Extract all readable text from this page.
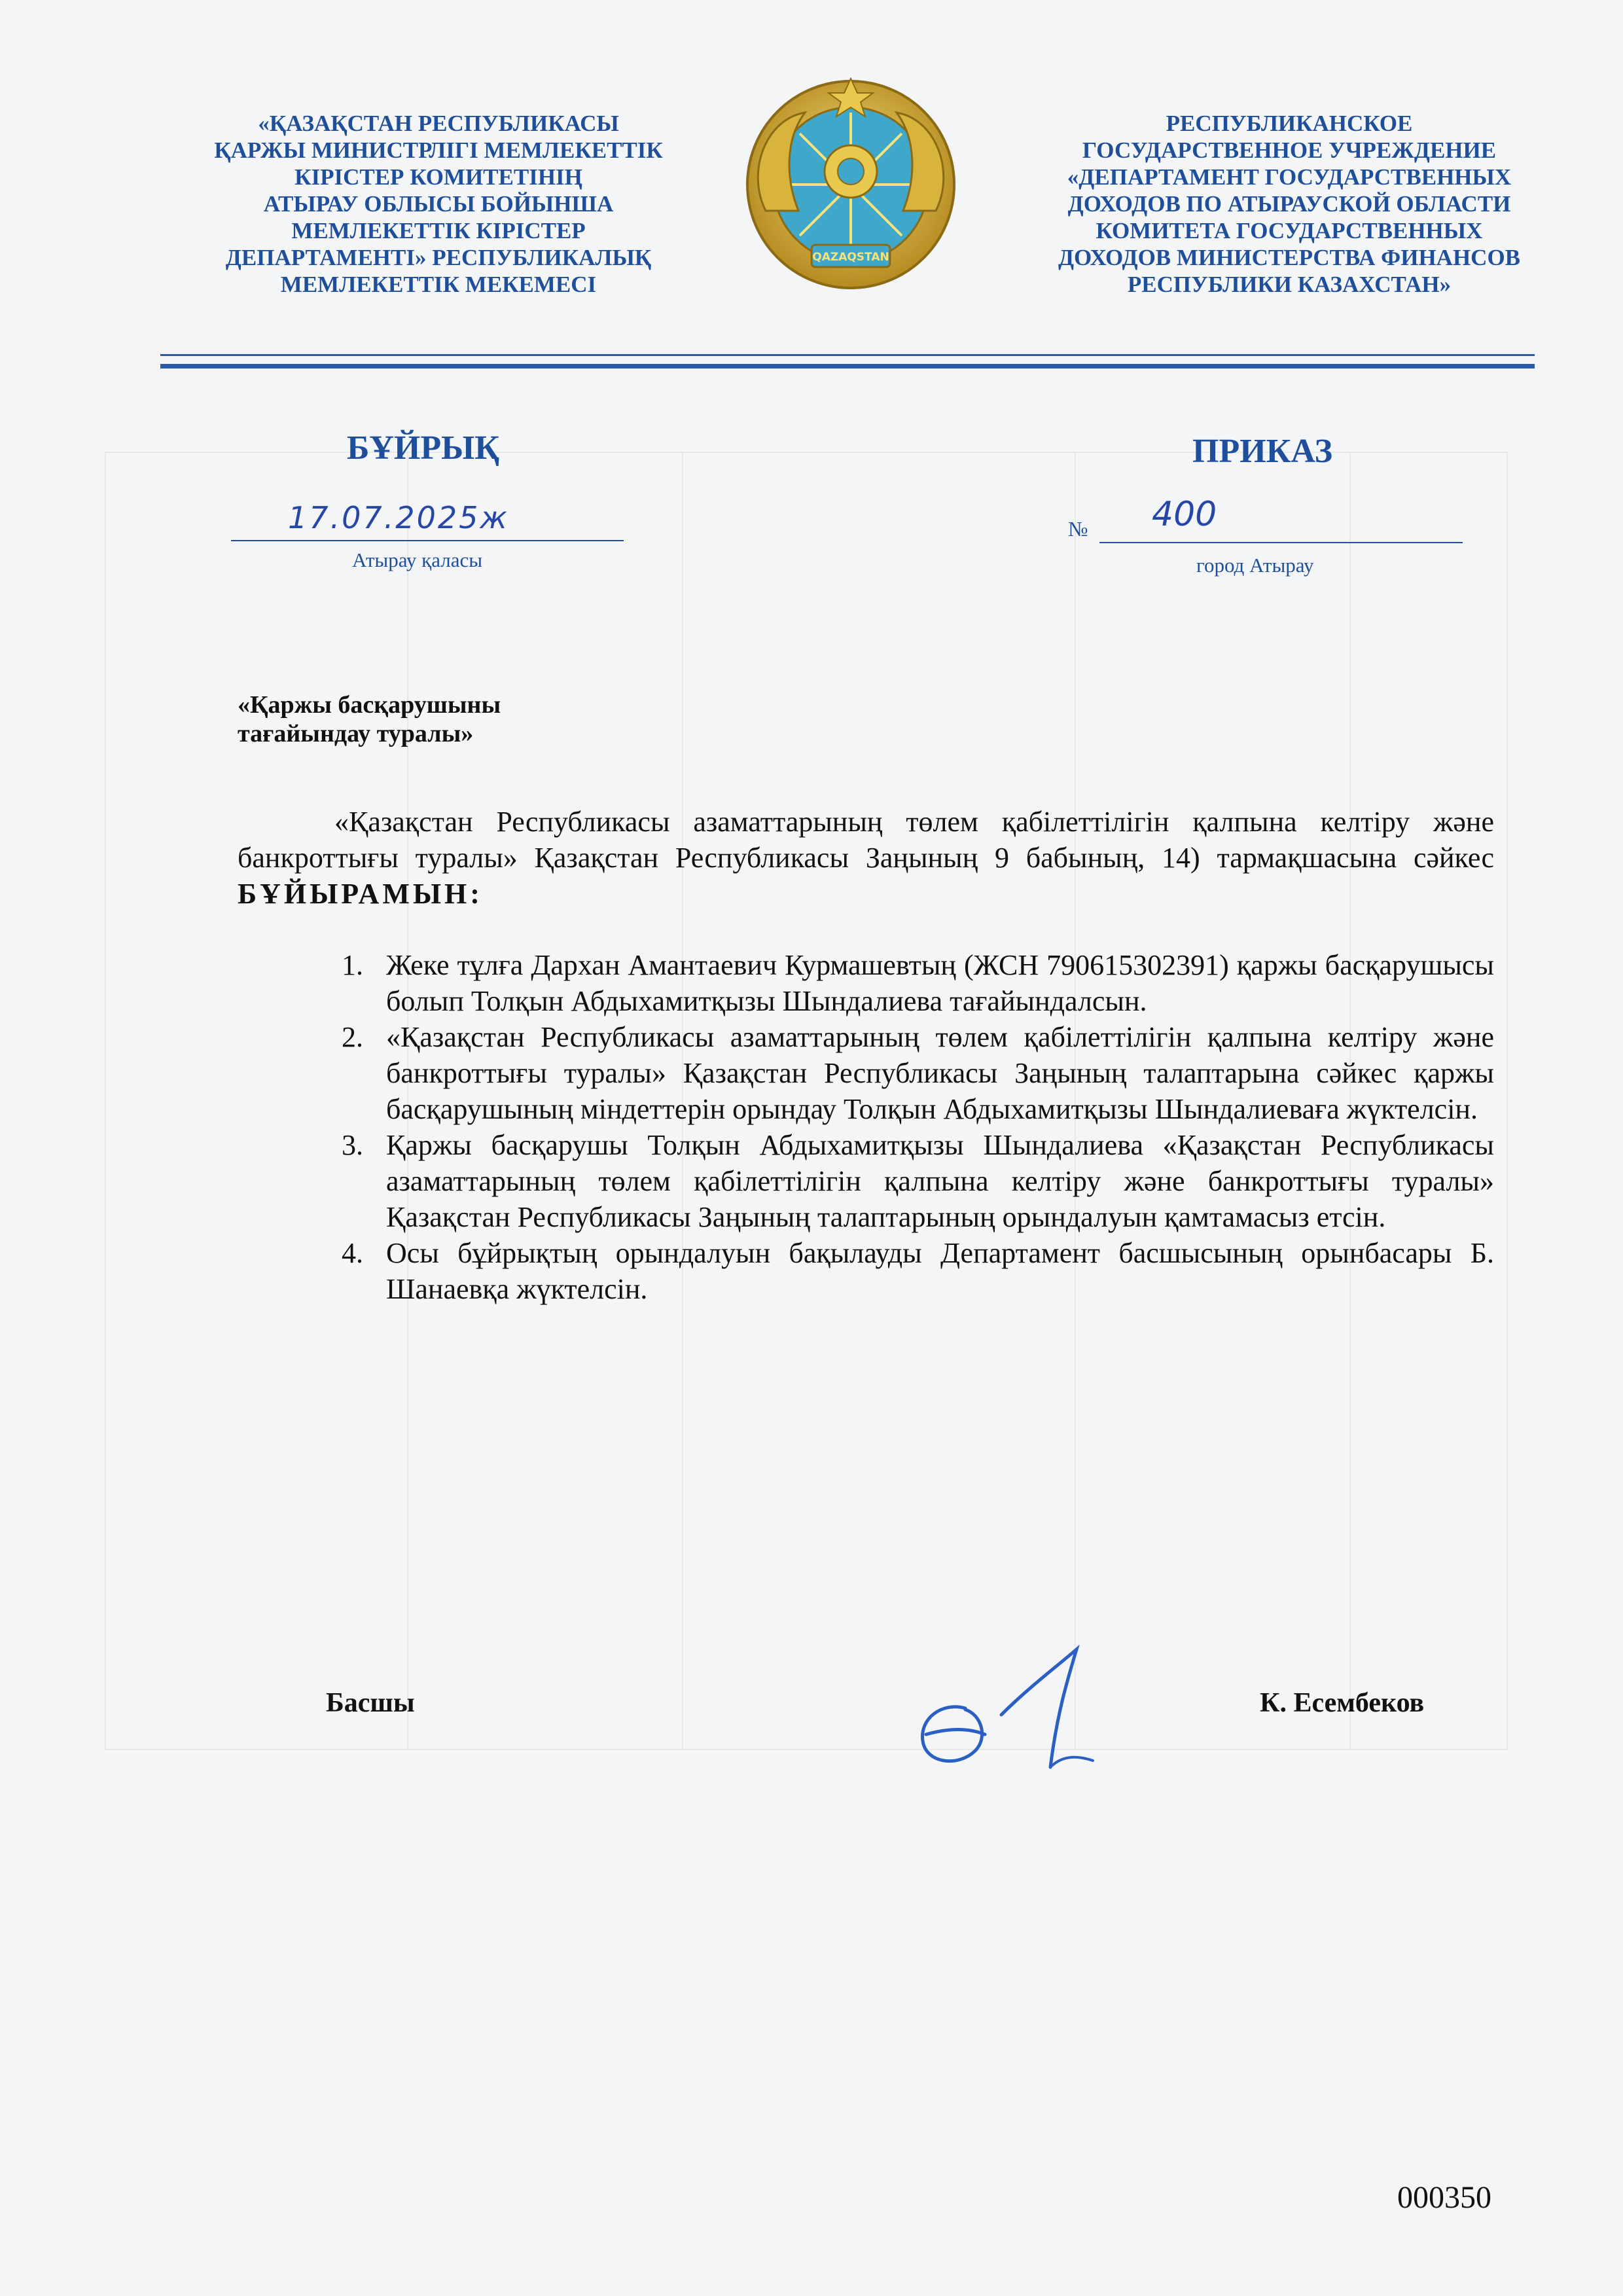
«ҚАЗАҚСТАН РЕСПУБЛИКАСЫ
ҚАРЖЫ МИНИСТРЛІГІ МЕМЛЕКЕТТІК
КІРІСТЕР КОМИТЕТІНІҢ
АТЫРАУ ОБЛЫСЫ БОЙЫНША
МЕМЛЕКЕТТІК КІРІСТЕР
ДЕПАРТАМЕНТІ» РЕСПУБЛИКАЛЫҚ
МЕМЛЕКЕТТІК МЕКЕМЕСІ
QAZAQSTAN
РЕСПУБЛИКАНСКОЕ
ГОСУДАРСТВЕННОЕ УЧРЕЖДЕНИЕ
«ДЕПАРТАМЕНТ ГОСУДАРСТВЕННЫХ
ДОХОДОВ ПО АТЫРАУСКОЙ ОБЛАСТИ
КОМИТЕТА ГОСУДАРСТВЕННЫХ
ДОХОДОВ МИНИСТЕРСТВА ФИНАНСОВ
РЕСПУБЛИКИ КАЗАХСТАН»
БҰЙРЫҚ	ПРИКАЗ
17.07.2025ж
Атырау қаласы
№ 400
город Атырау
«Қаржы басқарушыны
тағайындау туралы»
«Қазақстан Республикасы азаматтарының төлем қабілеттілігін қалпына келтіру және банкроттығы туралы» Қазақстан Республикасы Заңының 9 бабының, 14) тармақшасына сәйкес БҰЙЫРАМЫН:
1. Жеке тұлға Дархан Амантаевич Курмашевтың (ЖСН 790615302391) қаржы басқарушысы болып Толқын Абдыхамитқызы Шындалиева тағайындалсын.
2. «Қазақстан Республикасы азаматтарының төлем қабілеттілігін қалпына келтіру және банкроттығы туралы» Қазақстан Республикасы Заңының талаптарына сәйкес қаржы басқарушының міндеттерін орындау Толқын Абдыхамитқызы Шындалиеваға жүктелсін.
3. Қаржы басқарушы Толқын Абдыхамитқызы Шындалиева «Қазақстан Республикасы азаматтарының төлем қабілеттілігін қалпына келтіру және банкроттығы туралы» Қазақстан Республикасы Заңының талаптарының орындалуын қамтамасыз етсін.
4. Осы бұйрықтың орындалуын бақылауды Департамент басшысының орынбасары Б. Шанаевқа жүктелсін.
Басшы	К. Есембеков
000350
